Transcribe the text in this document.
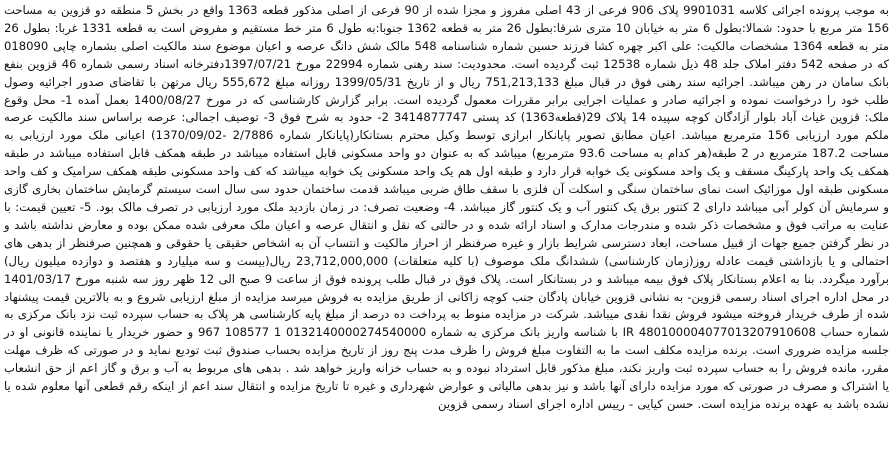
به موجب پرونده اجرائی کلاسه 9901031 پلاک 906 فرعی از 43 اصلی مفروز و مجزا شده از 90 فرعی از اصلی مذکور قطعه 1363 واقع در بخش 5 منطقه دو قزوین به مساحت 156 متر مربع با حدود: شمالا:بطول 6 متر به خیابان 10 متری شرقا:بطول 26 متر به قطعه 1362 جنوبا:به طول 6 متر خط مستقیم و مفروض است به قطعه 1331 غربا: بطول 26 متر به قطعه 1364 مشخصات مالکیت: علی اکبر چهره کشا فرزند حسین شماره شناسنامه 548 مالک شش دانگ عرصه و اعیان موضوع سند مالکیت اصلی بشماره چاپی 018090 که در صفحه 542 دفتر املاک جلد 48 ذیل شماره 12538 ثبت گردیده است. محدودیت: سند رهنی شماره 22994 مورخ 1397/07/21دفترخانه اسناد رسمی شماره 46 قزوین بنفع بانک سامان در رهن میباشد. اجرائیه سند رهنی فوق در قبال مبلغ 751,213,133 ریال و از تاریخ 1399/05/31 روزانه مبلغ 555,672 ریال مرتهن با تقاضای صدور اجرائیه وصول طلب خود را درخواست نموده و اجرائیه صادر و عملیات اجرایی برابر مقررات معمول گردیده است. برابر گزارش کارشناسی که در مورخ 1400/08/27 بعمل آمده 1- محل وقوع ملک: قزوین غیاث آباد بلوار آزادگان کوچه سپیده 14 پلاک 29(قطعه1363) کد پستی 3414877747 2- حدود به شرح فوق 3- توصیف اجمالی: عرصه براساس سند مالکیت عرصه ملکم مورد ارزیابی 156 مترمربع میباشد. اعیان مطابق تصویر پایانکار ابرازی توسط وکیل محترم بستانکار(پایانکار شماره 2/7886 -1370/09/02) اعیانی ملک مورد ارزیابی به مساحت 187.2 مترمربع در 2 طبقه(هر کدام به مساحت 93.6 مترمربع) میباشد که به عنوان دو واحد مسکونی قابل استفاده میباشد در طبقه همکف قابل استفاده میباشد در طبقه همکف یک واحد پارکینگ مسقف و یک واحد مسکونی یک خوابه قرار دارد و طبقه اول هم یک واحد مسکونی یک خوابه میباشد که کف واحد مسکونی طبقه همکف سرامیک و کف واحد مسکونی طبقه اول موزائیک است نمای ساختمان سنگی و اسکلت آن فلزی با سقف طاق ضربی میباشد قدمت ساختمان حدود سی سال است سیستم گرمایش ساختمان بخاری گازی و سرمایش آن کولر آبی میباشد دارای 2 کنتور برق یک کنتور آب و یک کنتور گاز میباشد. 4- وضعیت تصرف: در زمان بازدید ملک مورد ارزیابی در تصرف مالک بود. 5- تعیین قیمت: با عنایت به مراتب فوق و مشخصات ذکر شده و مندرجات مدارک و اسناد ارائه شده و در حالتی که نقل و انتقال عرصه و اعیان ملک معرفی شده ممکن بوده و معارض نداشته باشد و در نظر گرفتن جمیع جهات از قبیل مساحت، ابعاد دسترسی شرایط بازار و غیره صرفنظر از احراز مالکیت و انتساب آن به اشخاص حقیقی یا حقوقی و همچنین صرفنظر از بدهی های احتمالی و یا بازداشتی قیمت عادله روز(زمان کارشناسی) ششدانگ ملک موصوف (با کلیه متعلقات) 23,712,000,000 ریال(بیست و سه میلیارد و هفتصد و دوازده میلیون ریال) برآورد میگردد. بنا به اعلام بستانکار پلاک فوق بیمه میباشد و در بستانکار است. پلاک فوق در قبال طلب پرونده فوق از ساعت 9 صبح الی 12 ظهر روز سه شنبه مورخ 1401/03/17 در محل اداره اجرای اسناد رسمی قزوین- به نشانی قزوین خیابان پادگان جنب کوچه زاکانی از طریق مزایده به فروش میرسد مزایده از مبلغ ارزیابی شروع و به بالاترین قیمت پیشنهاد شده از طرف خریدار فروخته میشود فروش نقدا نقدی میباشد. شرکت در مزایده منوط به پرداخت ده درصد از مبلغ پایه کارشناسی هر پلاک به حساب سپرده ثبت نزد بانک مرکزی به شماره حساب IR 480100004077013207910608 با شناسه واریز بانک مرکزی به شماره 0132140000274540000 1 108577 967 و حضور خریدار یا نماینده قانونی او در جلسه مزایده ضروری است. برنده مزایده مکلف است ما به التفاوت مبلغ فروش را ظرف مدت پنج روز از تاریخ مزایده بحساب صندوق ثبت تودیع نماید و در صورتی که ظرف مهلت مقرر، مانده فروش را به حساب سپرده ثبت واریز نکند، مبلغ مذکور قابل استرداد نبوده و به حساب خزانه واریز خواهد شد . بدهی های مربوط به آب و برق و گاز اعم از حق انشعاب یا اشتراک و مصرف در صورتی که مورد مزایده دارای آنها باشد و نیز بدهی مالیاتی و عوارض شهرداری و غیره تا تاریخ مزایده و انتقال سند اعم از اینکه رقم قطعی آنها معلوم شده یا نشده باشد به عهده برنده مزایده است. حسن کیایی - رییس اداره اجرای اسناد رسمی قزوین
